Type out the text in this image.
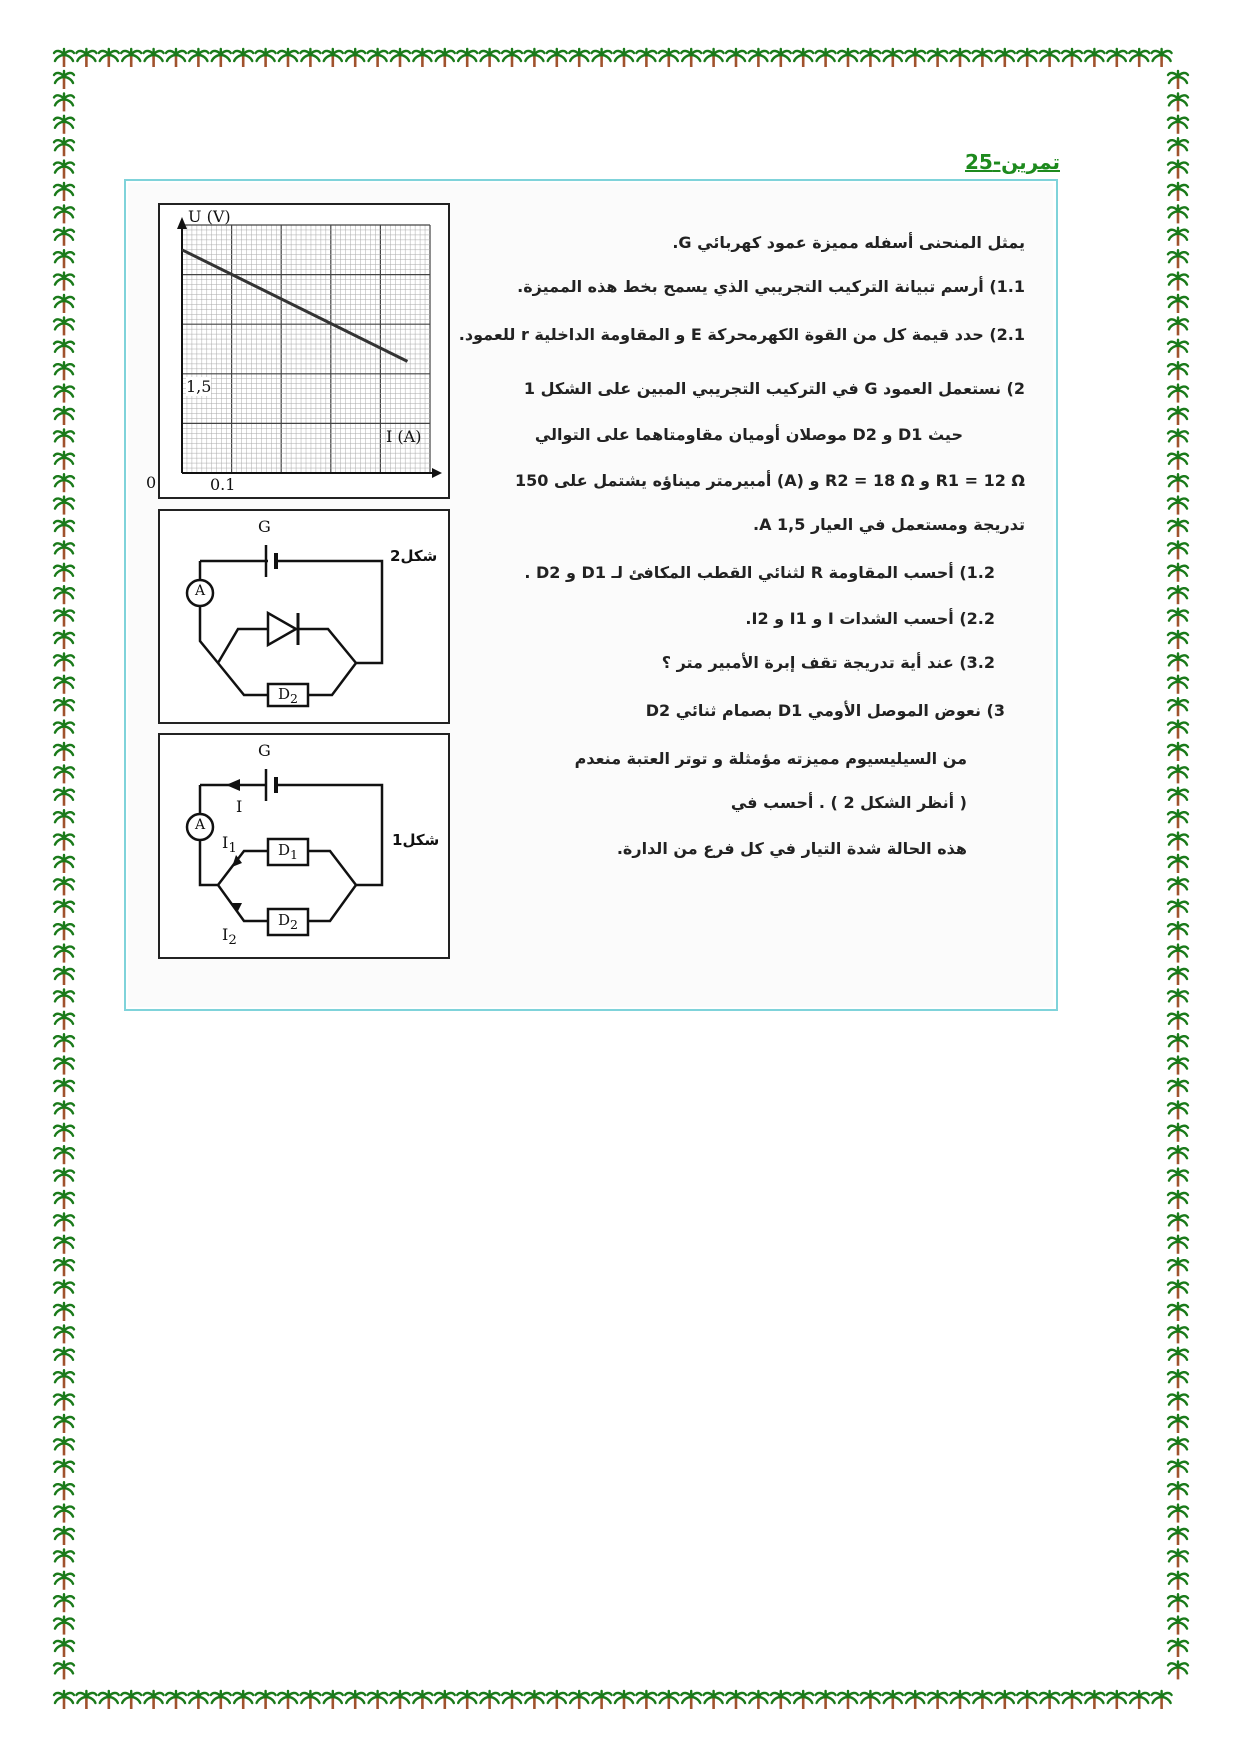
تمرين-25
U (V)
I (A)
1,5
0	0.1
G
A
$D_2$
شكل2
G
I
A
$I_1$
$I_2$
$D_1$
$D_2$
شكل1
يمثل المنحنى أسفله مميزة عمود كهربائي G.
1.1) أرسم تبيانة التركيب التجريبي الذي يسمح بخط هذه المميزة.
2.1) حدد قيمة كل من القوة الكهرمحركة E و المقاومة الداخلية r للعمود.
2) نستعمل العمود G في التركيب التجريبي المبين على الشكل 1
حيث D1 و D2 موصلان أوميان مقاومتاهما على التوالي
R1 = 12 Ω و R2 = 18 Ω و (A) أمبيرمتر ميناؤه يشتمل على 150
تدريجة ومستعمل في العيار 1,5 A.
1.2) أحسب المقاومة R لثنائي القطب المكافئ لـ D1 و D2 .
2.2) أحسب الشدات I و I1 و I2.
3.2) عند أية تدريجة تقف إبرة الأمبير متر ؟
3) نعوض الموصل الأومي D1 بصمام ثنائي D2
من السيليسيوم مميزته مؤمثلة و توتر العتبة منعدم
( أنظر الشكل 2 ) . أحسب في
هذه الحالة شدة التيار في كل فرع من الدارة.
